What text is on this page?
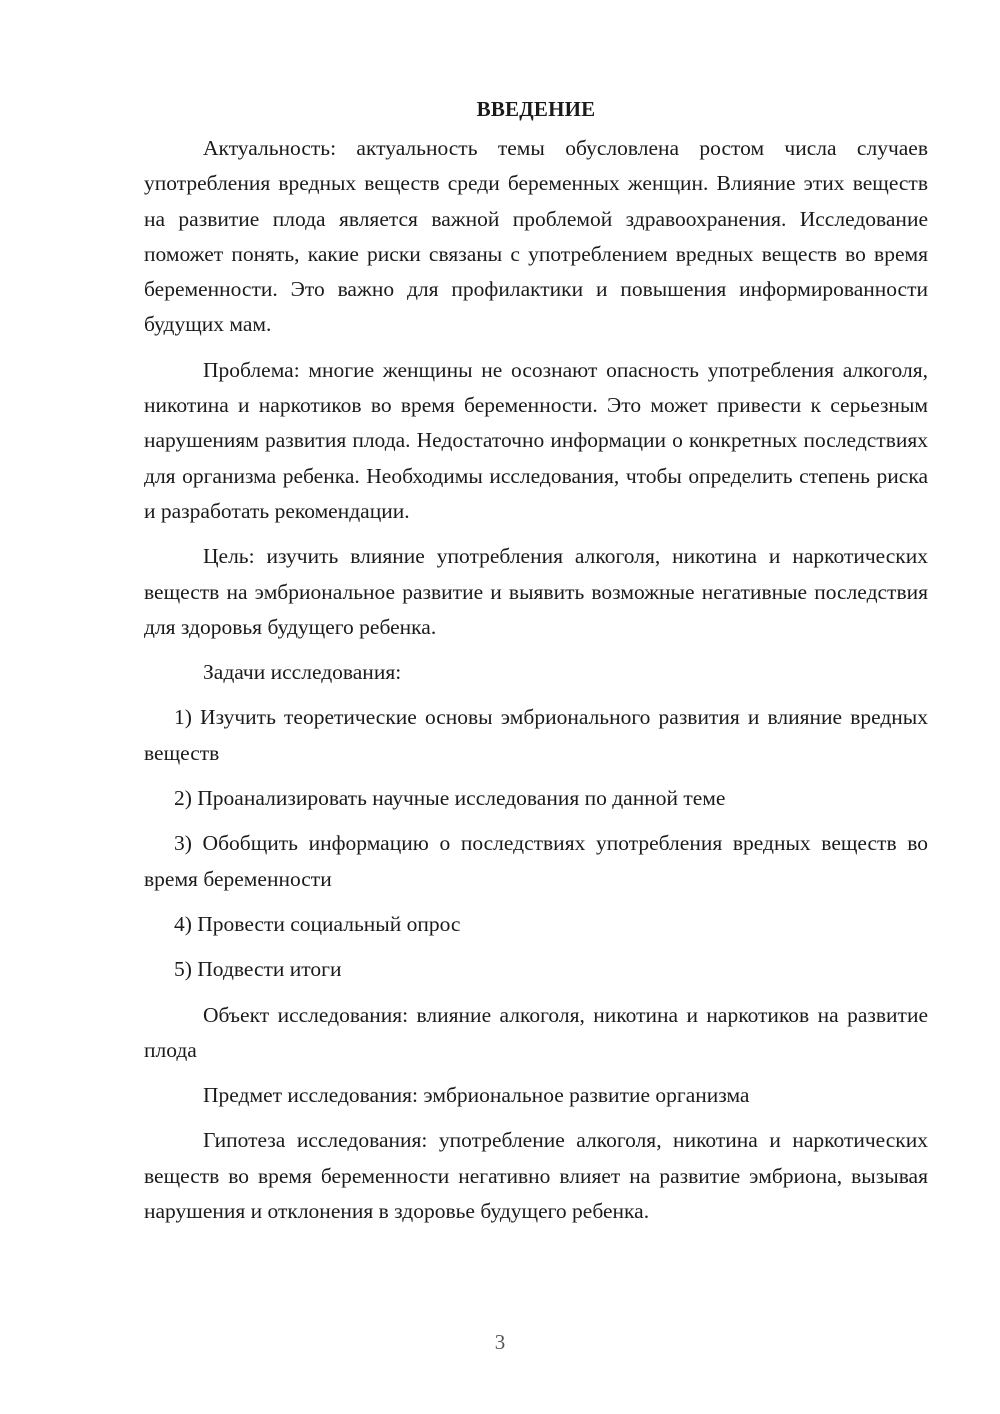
ВВЕДЕНИЕ

Актуальность: актуальность темы обусловлена ростом числа случаев употребления вредных веществ среди беременных женщин. Влияние этих веществ на развитие плода является важной проблемой здравоохранения. Исследование поможет понять, какие риски связаны с употреблением вредных веществ во время беременности. Это важно для профилактики и повышения информированности будущих мам.

Проблема: многие женщины не осознают опасность употребления алкоголя, никотина и наркотиков во время беременности. Это может привести к серьезным нарушениям развития плода. Недостаточно информации о конкретных последствиях для организма ребенка. Необходимы исследования, чтобы определить степень риска и разработать рекомендации.

Цель: изучить влияние употребления алкоголя, никотина и наркотических веществ на эмбриональное развитие и выявить возможные негативные последствия для здоровья будущего ребенка.

Задачи исследования:

1) Изучить теоретические основы эмбрионального развития и влияние вредных веществ

2) Проанализировать научные исследования по данной теме

3) Обобщить информацию о последствиях употребления вредных веществ во время беременности

4) Провести социальный опрос

5) Подвести итоги

Объект исследования: влияние алкоголя, никотина и наркотиков на развитие плода

Предмет исследования: эмбриональное развитие организма

Гипотеза исследования: употребление алкоголя, никотина и наркотических веществ во время беременности негативно влияет на развитие эмбриона, вызывая нарушения и отклонения в здоровье будущего ребенка.

3
